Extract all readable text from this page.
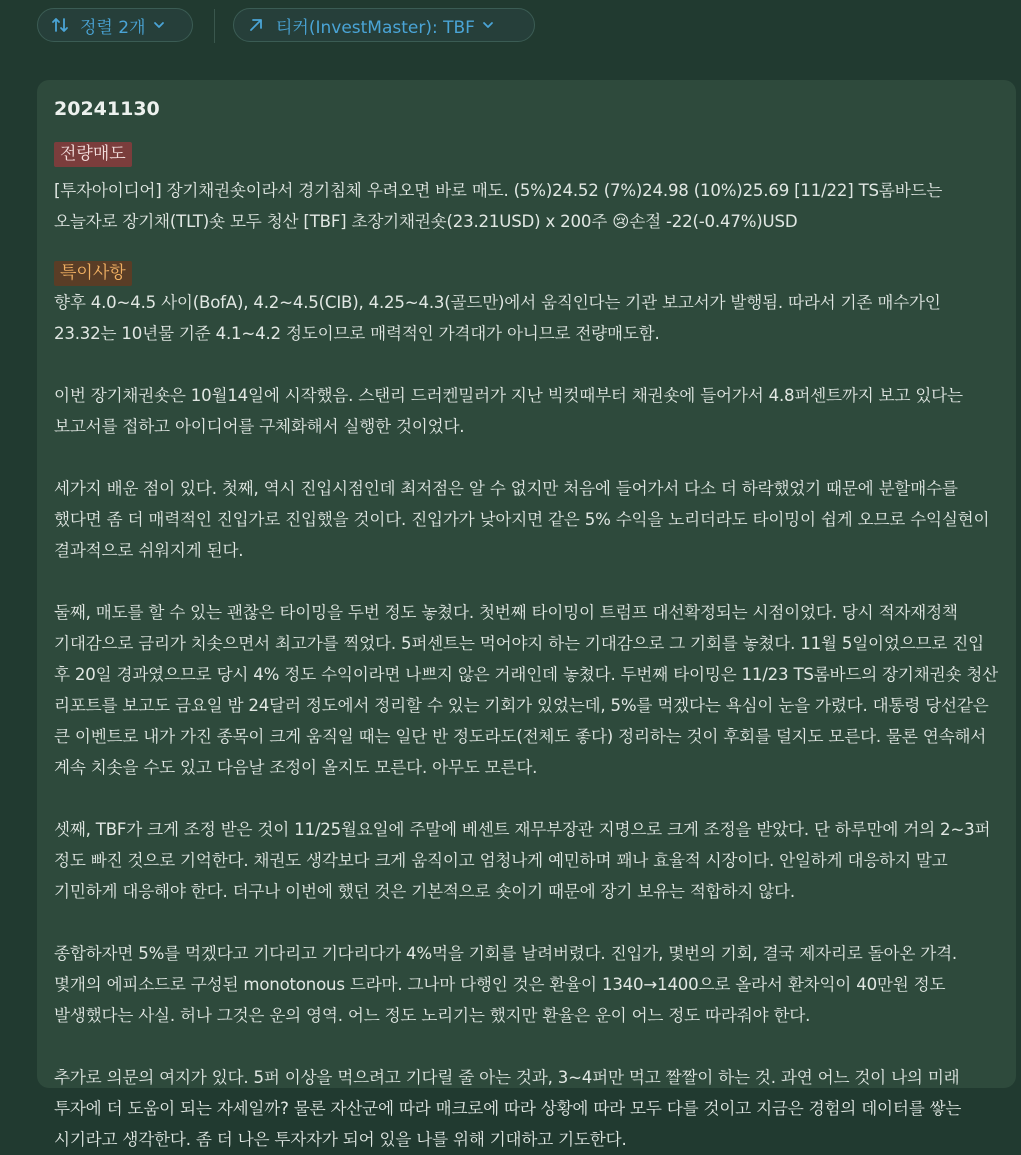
정렬 2개	티커(InvestMaster): TBF
20241130
전량매도
[투자아이디어] 장기채권숏이라서 경기침체 우려오면 바로 매도. (5%)24.52 (7%)24.98 (10%)25.69 [11/22] TS롬바드는 오늘자로 장기채(TLT)숏 모두 청산 [TBF] 초장기채권숏(23.21USD) x 200주 😢손절 -22(-0.47%)USD
특이사항

향후 4.0~4.5 사이(BofA), 4.2~4.5(CIB), 4.25~4.3(골드만)에서 움직인다는 기관 보고서가 발행됨. 따라서 기존 매수가인 23.32는 10년물 기준 4.1~4.2 정도이므로 매력적인 가격대가 아니므로 전량매도함.

이번 장기채권숏은 10월14일에 시작했음. 스탠리 드러켄밀러가 지난 빅컷때부터 채권숏에 들어가서 4.8퍼센트까지 보고 있다는 보고서를 접하고 아이디어를 구체화해서 실행한 것이었다.

세가지 배운 점이 있다. 첫째, 역시 진입시점인데 최저점은 알 수 없지만 처음에 들어가서 다소 더 하락했었기 때문에 분할매수를 했다면 좀 더 매력적인 진입가로 진입했을 것이다. 진입가가 낮아지면 같은 5% 수익을 노리더라도 타이밍이 쉽게 오므로 수익실현이 결과적으로 쉬워지게 된다.

둘째, 매도를 할 수 있는 괜찮은 타이밍을 두번 정도 놓쳤다. 첫번째 타이밍이 트럼프 대선확정되는 시점이었다. 당시 적자재정책 기대감으로 금리가 치솟으면서 최고가를 찍었다. 5퍼센트는 먹어야지 하는 기대감으로 그 기회를 놓쳤다. 11월 5일이었으므로 진입 후 20일 경과였으므로 당시 4% 정도 수익이라면 나쁘지 않은 거래인데 놓쳤다. 두번째 타이밍은 11/23 TS롬바드의 장기채권숏 청산 리포트를 보고도 금요일 밤 24달러 정도에서 정리할 수 있는 기회가 있었는데, 5%를 먹겠다는 욕심이 눈을 가렸다. 대통령 당선같은 큰 이벤트로 내가 가진 종목이 크게 움직일 때는 일단 반 정도라도(전체도 좋다) 정리하는 것이 후회를 덜지도 모른다. 물론 연속해서 계속 치솟을 수도 있고 다음날 조정이 올지도 모른다. 아무도 모른다.

셋째, TBF가 크게 조정 받은 것이 11/25월요일에 주말에 베센트 재무부장관 지명으로 크게 조정을 받았다. 단 하루만에 거의 2~3퍼 정도 빠진 것으로 기억한다. 채권도 생각보다 크게 움직이고 엄청나게 예민하며 꽤나 효율적 시장이다. 안일하게 대응하지 말고 기민하게 대응해야 한다. 더구나 이번에 했던 것은 기본적으로 숏이기 때문에 장기 보유는 적합하지 않다.

종합하자면 5%를 먹겠다고 기다리고 기다리다가 4%먹을 기회를 날려버렸다. 진입가, 몇번의 기회, 결국 제자리로 돌아온 가격. 몇개의 에피소드로 구성된 monotonous 드라마. 그나마 다행인 것은 환율이 1340→1400으로 올라서 환차익이 40만원 정도 발생했다는 사실. 허나 그것은 운의 영역. 어느 정도 노리기는 했지만 환율은 운이 어느 정도 따라줘야 한다.

추가로 의문의 여지가 있다. 5퍼 이상을 먹으려고 기다릴 줄 아는 것과, 3~4퍼만 먹고 짤짤이 하는 것. 과연 어느 것이 나의 미래 투자에 더 도움이 되는 자세일까? 물론 자산군에 따라 매크로에 따라 상황에 따라 모두 다를 것이고 지금은 경험의 데이터를 쌓는 시기라고 생각한다. 좀 더 나은 투자자가 되어 있을 나를 위해 기대하고 기도한다.
